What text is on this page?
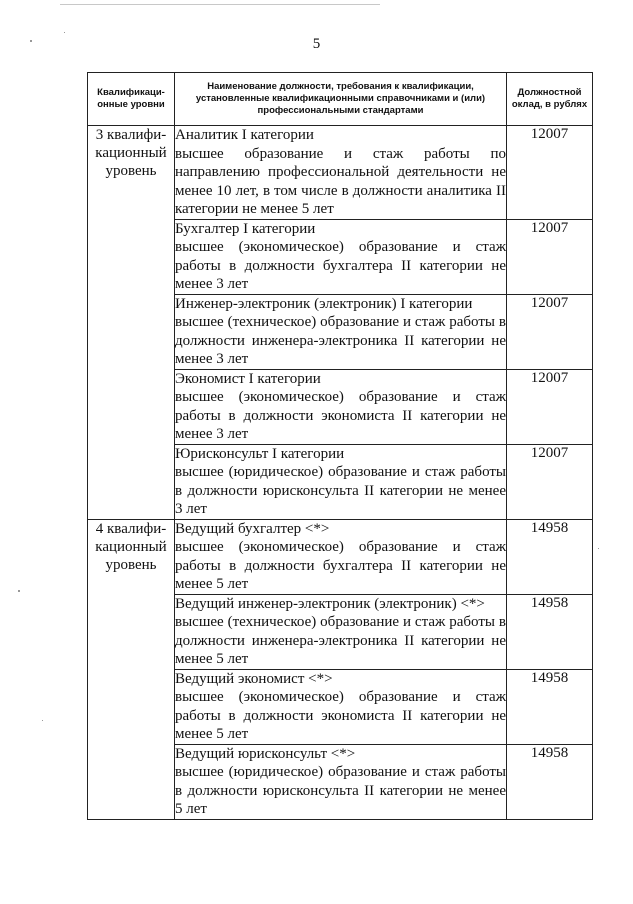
5
Квалификаци-онные уровни	Наименование должности, требования к квалификации, установленные квалификационными справочниками и (или) профессиональными стандартами	Должностной оклад, в рублях
3 квалифи-кационный уровень	Аналитик I категории
высшее образование и стаж работы по направлению профессиональной деятельности не менее 10 лет, в том числе в должности аналитика II категории не менее 5 лет	12007

	Бухгалтер I категории
высшее (экономическое) образование и стаж работы в должности бухгалтера II категории не менее 3 лет	12007

	Инженер-электроник (электроник) I категории
высшее (техническое) образование и стаж работы в должности инженера-электроника II категории не менее 3 лет	12007

	Экономист I категории
высшее (экономическое) образование и стаж работы в должности экономиста II категории не менее 3 лет	12007

	Юрисконсульт I категории
высшее (юридическое) образование и стаж работы в должности юрисконсульта II категории не менее 3 лет	12007
4 квалифи-кационный уровень	Ведущий бухгалтер <*>
высшее (экономическое) образование и стаж работы в должности бухгалтера II категории не менее 5 лет	14958

	Ведущий инженер-электроник (электроник) <*>
высшее (техническое) образование и стаж работы в должности инженера-электроника II категории не менее 5 лет	14958

	Ведущий экономист <*>
высшее (экономическое) образование и стаж работы в должности экономиста II категории не менее 5 лет	14958

	Ведущий юрисконсульт <*>
высшее (юридическое) образование и стаж работы в должности юрисконсульта II категории не менее 5 лет	14958
